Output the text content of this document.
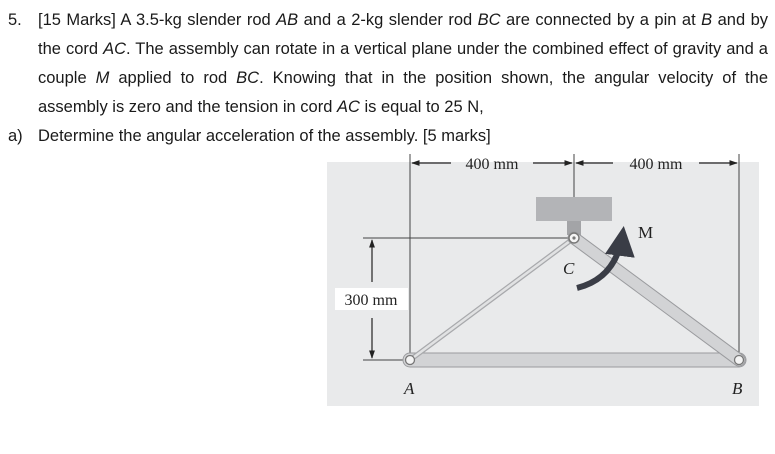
5. [15 Marks] A 3.5-kg slender rod AB and a 2-kg slender rod BC are connected by a pin at B and by the cord AC. The assembly can rotate in a vertical plane under the combined effect of gravity and a couple M applied to rod BC. Knowing that in the position shown, the angular velocity of the assembly is zero and the tension in cord AC is equal to 25 N,
a) Determine the angular acceleration of the assembly. [5 marks]
400 mm	400 mm
300 mm
M
C
A	B
